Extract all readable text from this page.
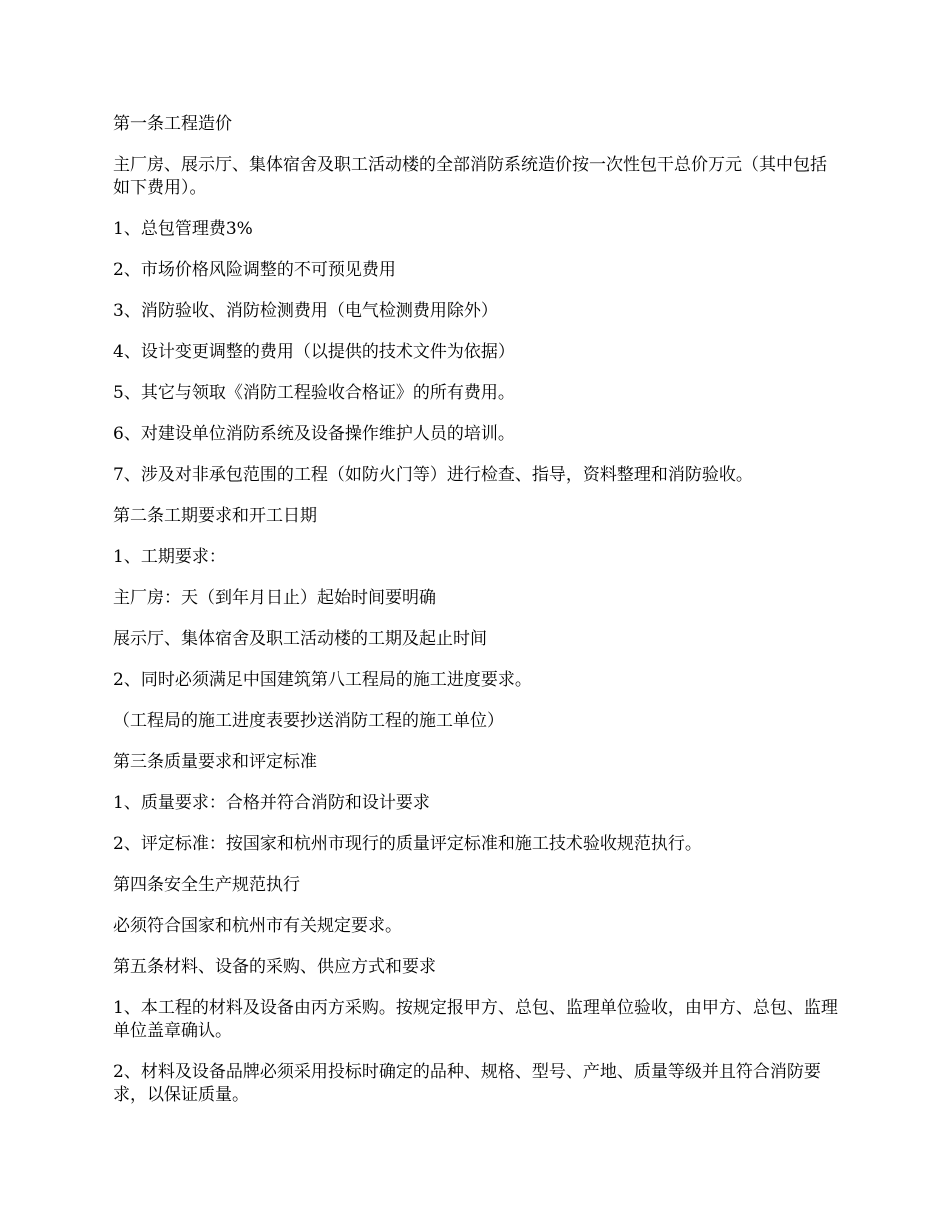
第一条工程造价

主厂房、展示厅、集体宿舍及职工活动楼的全部消防系统造价按一次性包干总价万元（其中包括如下费用）。

1、总包管理费3%

2、市场价格风险调整的不可预见费用

3、消防验收、消防检测费用（电气检测费用除外）

4、设计变更调整的费用（以提供的技术文件为依据）

5、其它与领取《消防工程验收合格证》的所有费用。

6、对建设单位消防系统及设备操作维护人员的培训。

7、涉及对非承包范围的工程（如防火门等）进行检查、指导，资料整理和消防验收。

第二条工期要求和开工日期

1、工期要求：

主厂房：天（到年月日止）起始时间要明确

展示厅、集体宿舍及职工活动楼的工期及起止时间

2、同时必须满足中国建筑第八工程局的施工进度要求。

（工程局的施工进度表要抄送消防工程的施工单位）

第三条质量要求和评定标准

1、质量要求：合格并符合消防和设计要求

2、评定标准：按国家和杭州市现行的质量评定标准和施工技术验收规范执行。

第四条安全生产规范执行

必须符合国家和杭州市有关规定要求。

第五条材料、设备的采购、供应方式和要求

1、本工程的材料及设备由丙方采购。按规定报甲方、总包、监理单位验收，由甲方、总包、监理单位盖章确认。

2、材料及设备品牌必须采用投标时确定的品种、规格、型号、产地、质量等级并且符合消防要求，以保证质量。
